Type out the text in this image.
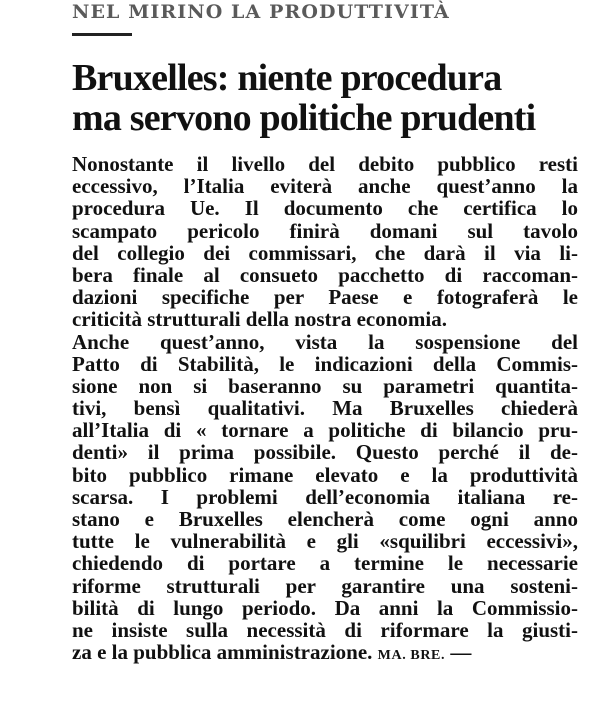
NEL MIRINO LA PRODUTTIVITÀ
Bruxelles: niente procedura
ma servono politiche prudenti
Nonostante il livello del debito pubblico resti
eccessivo, l’Italia eviterà anche quest’anno la
procedura Ue. Il documento che certifica lo
scampato pericolo finirà domani sul tavolo
del collegio dei commissari, che darà il via li-
bera finale al consueto pacchetto di raccoman-
dazioni specifiche per Paese e fotograferà le
criticità strutturali della nostra economia.
Anche quest’anno, vista la sospensione del
Patto di Stabilità, le indicazioni della Commis-
sione non si baseranno su parametri quantita-
tivi, bensì qualitativi. Ma Bruxelles chiederà
all’Italia di « tornare a politiche di bilancio pru-
denti» il prima possibile. Questo perché il de-
bito pubblico rimane elevato e la produttività
scarsa. I problemi dell’economia italiana re-
stano e Bruxelles elencherà come ogni anno
tutte le vulnerabilità e gli «squilibri eccessivi»,
chiedendo di portare a termine le necessarie
riforme strutturali per garantire una sosteni-
bilità di lungo periodo. Da anni la Commissio-
ne insiste sulla necessità di riformare la giusti-
za e la pubblica amministrazione. MA. BRE. —
